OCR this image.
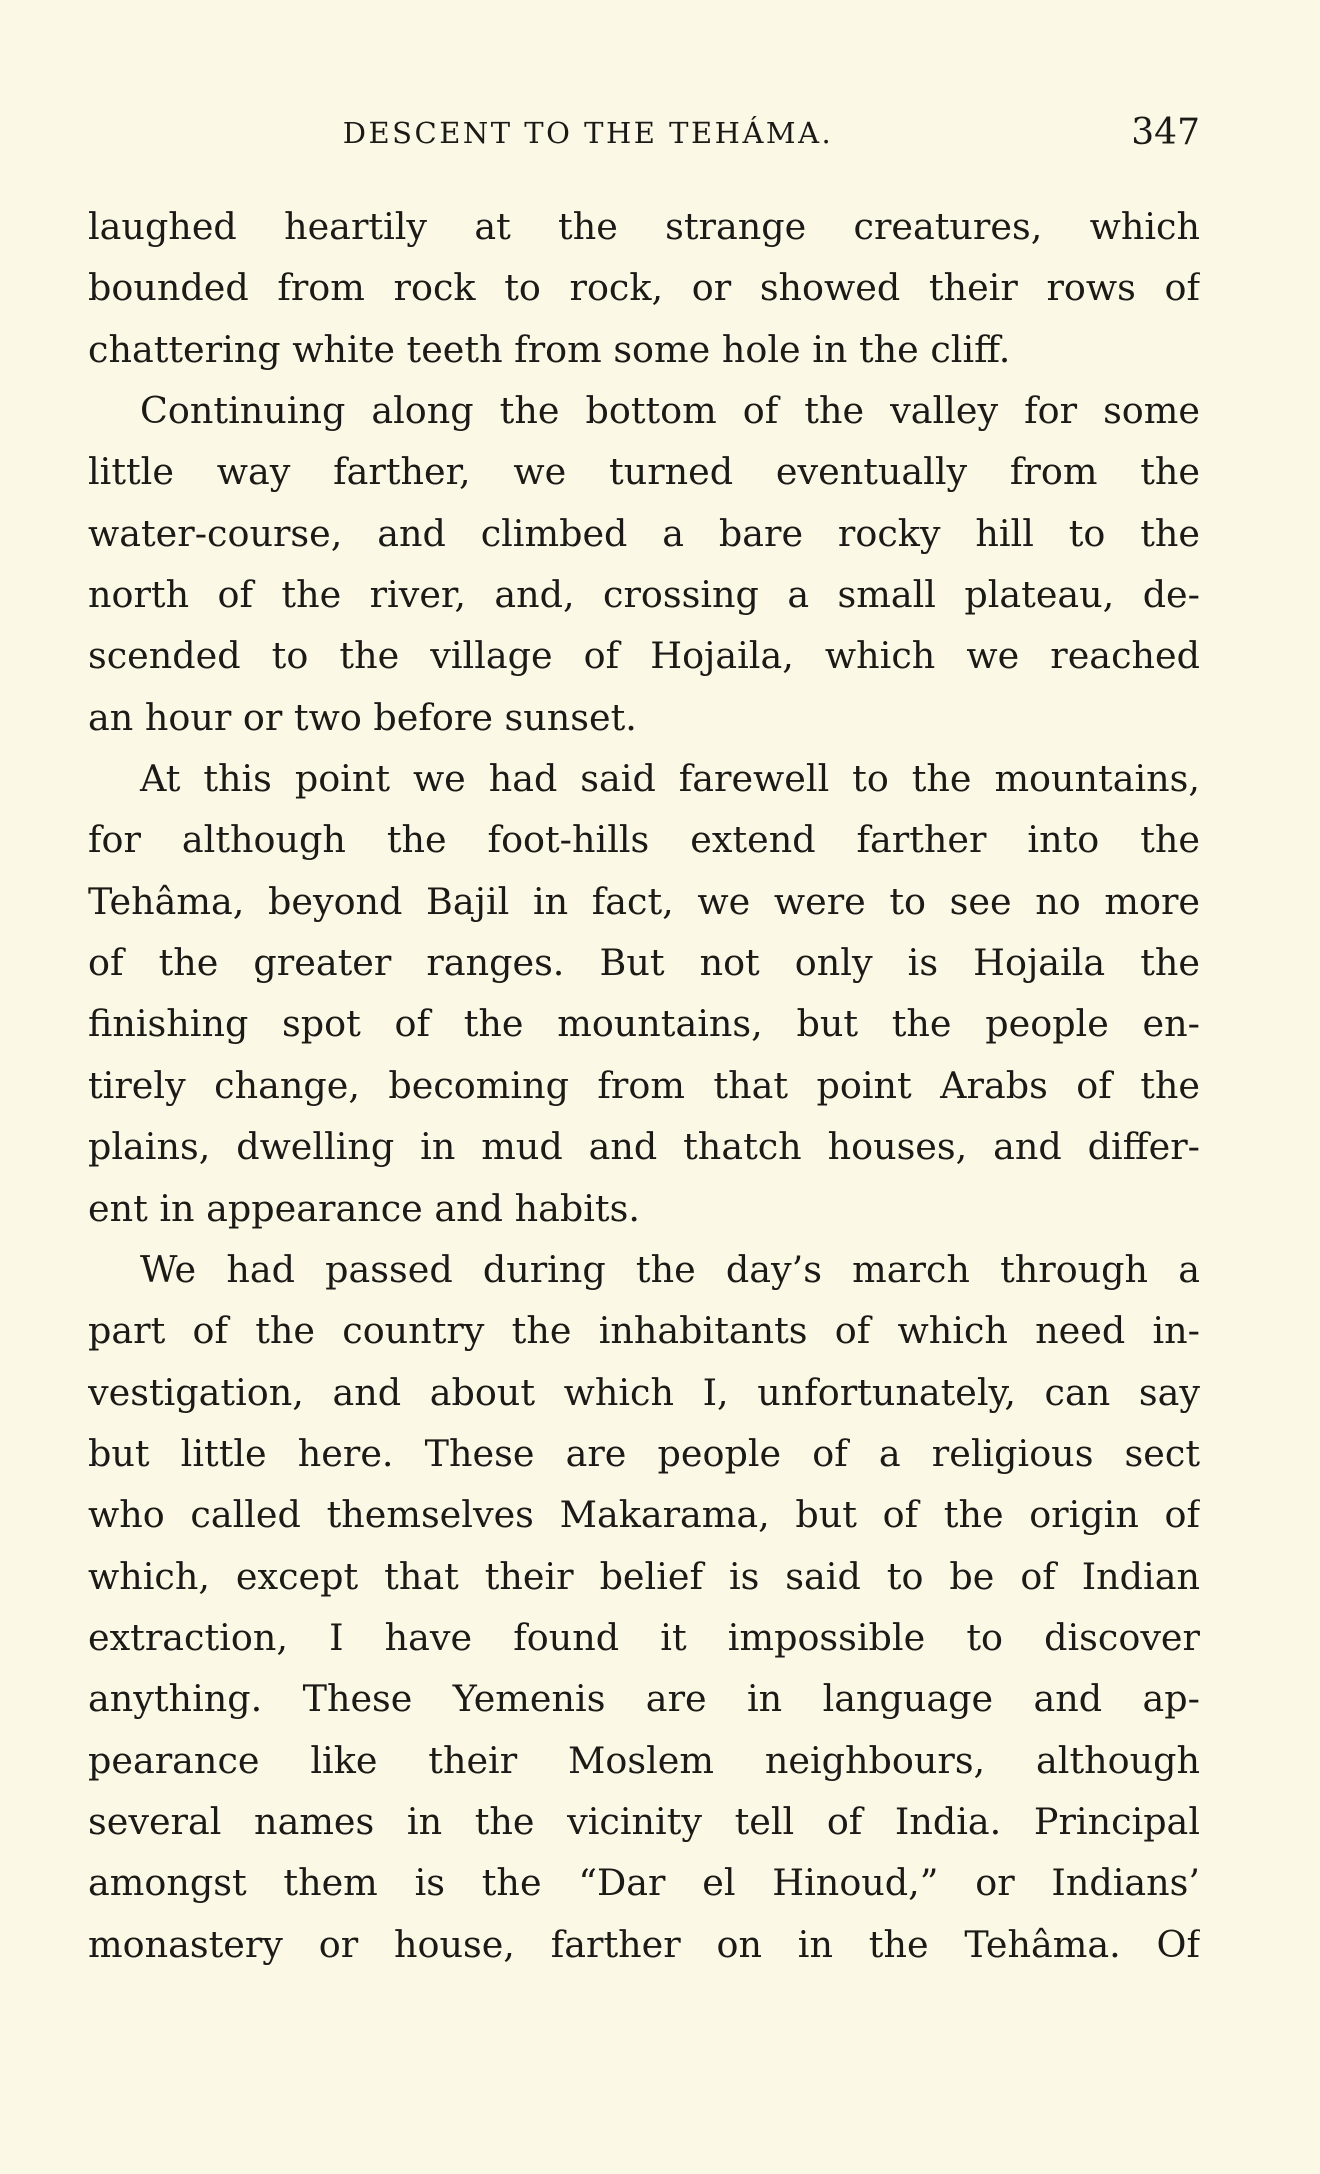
DESCENT TO THE TEHÁMA.	347
laughed heartily at the strange creatures, which
bounded from rock to rock, or showed their rows of
chattering white teeth from some hole in the cliff.
Continuing along the bottom of the valley for some
little way farther, we turned eventually from the
water-course, and climbed a bare rocky hill to the
north of the river, and, crossing a small plateau, de-
scended to the village of Hojaila, which we reached
an hour or two before sunset.
At this point we had said farewell to the mountains,
for although the foot-hills extend farther into the
Tehâma, beyond Bajil in fact, we were to see no more
of the greater ranges. But not only is Hojaila the
finishing spot of the mountains, but the people en-
tirely change, becoming from that point Arabs of the
plains, dwelling in mud and thatch houses, and differ-
ent in appearance and habits.
We had passed during the day’s march through a
part of the country the inhabitants of which need in-
vestigation, and about which I, unfortunately, can say
but little here. These are people of a religious sect
who called themselves Makarama, but of the origin of
which, except that their belief is said to be of Indian
extraction, I have found it impossible to discover
anything. These Yemenis are in language and ap-
pearance like their Moslem neighbours, although
several names in the vicinity tell of India. Principal
amongst them is the “Dar el Hinoud,” or Indians’
monastery or house, farther on in the Tehâma. Of
